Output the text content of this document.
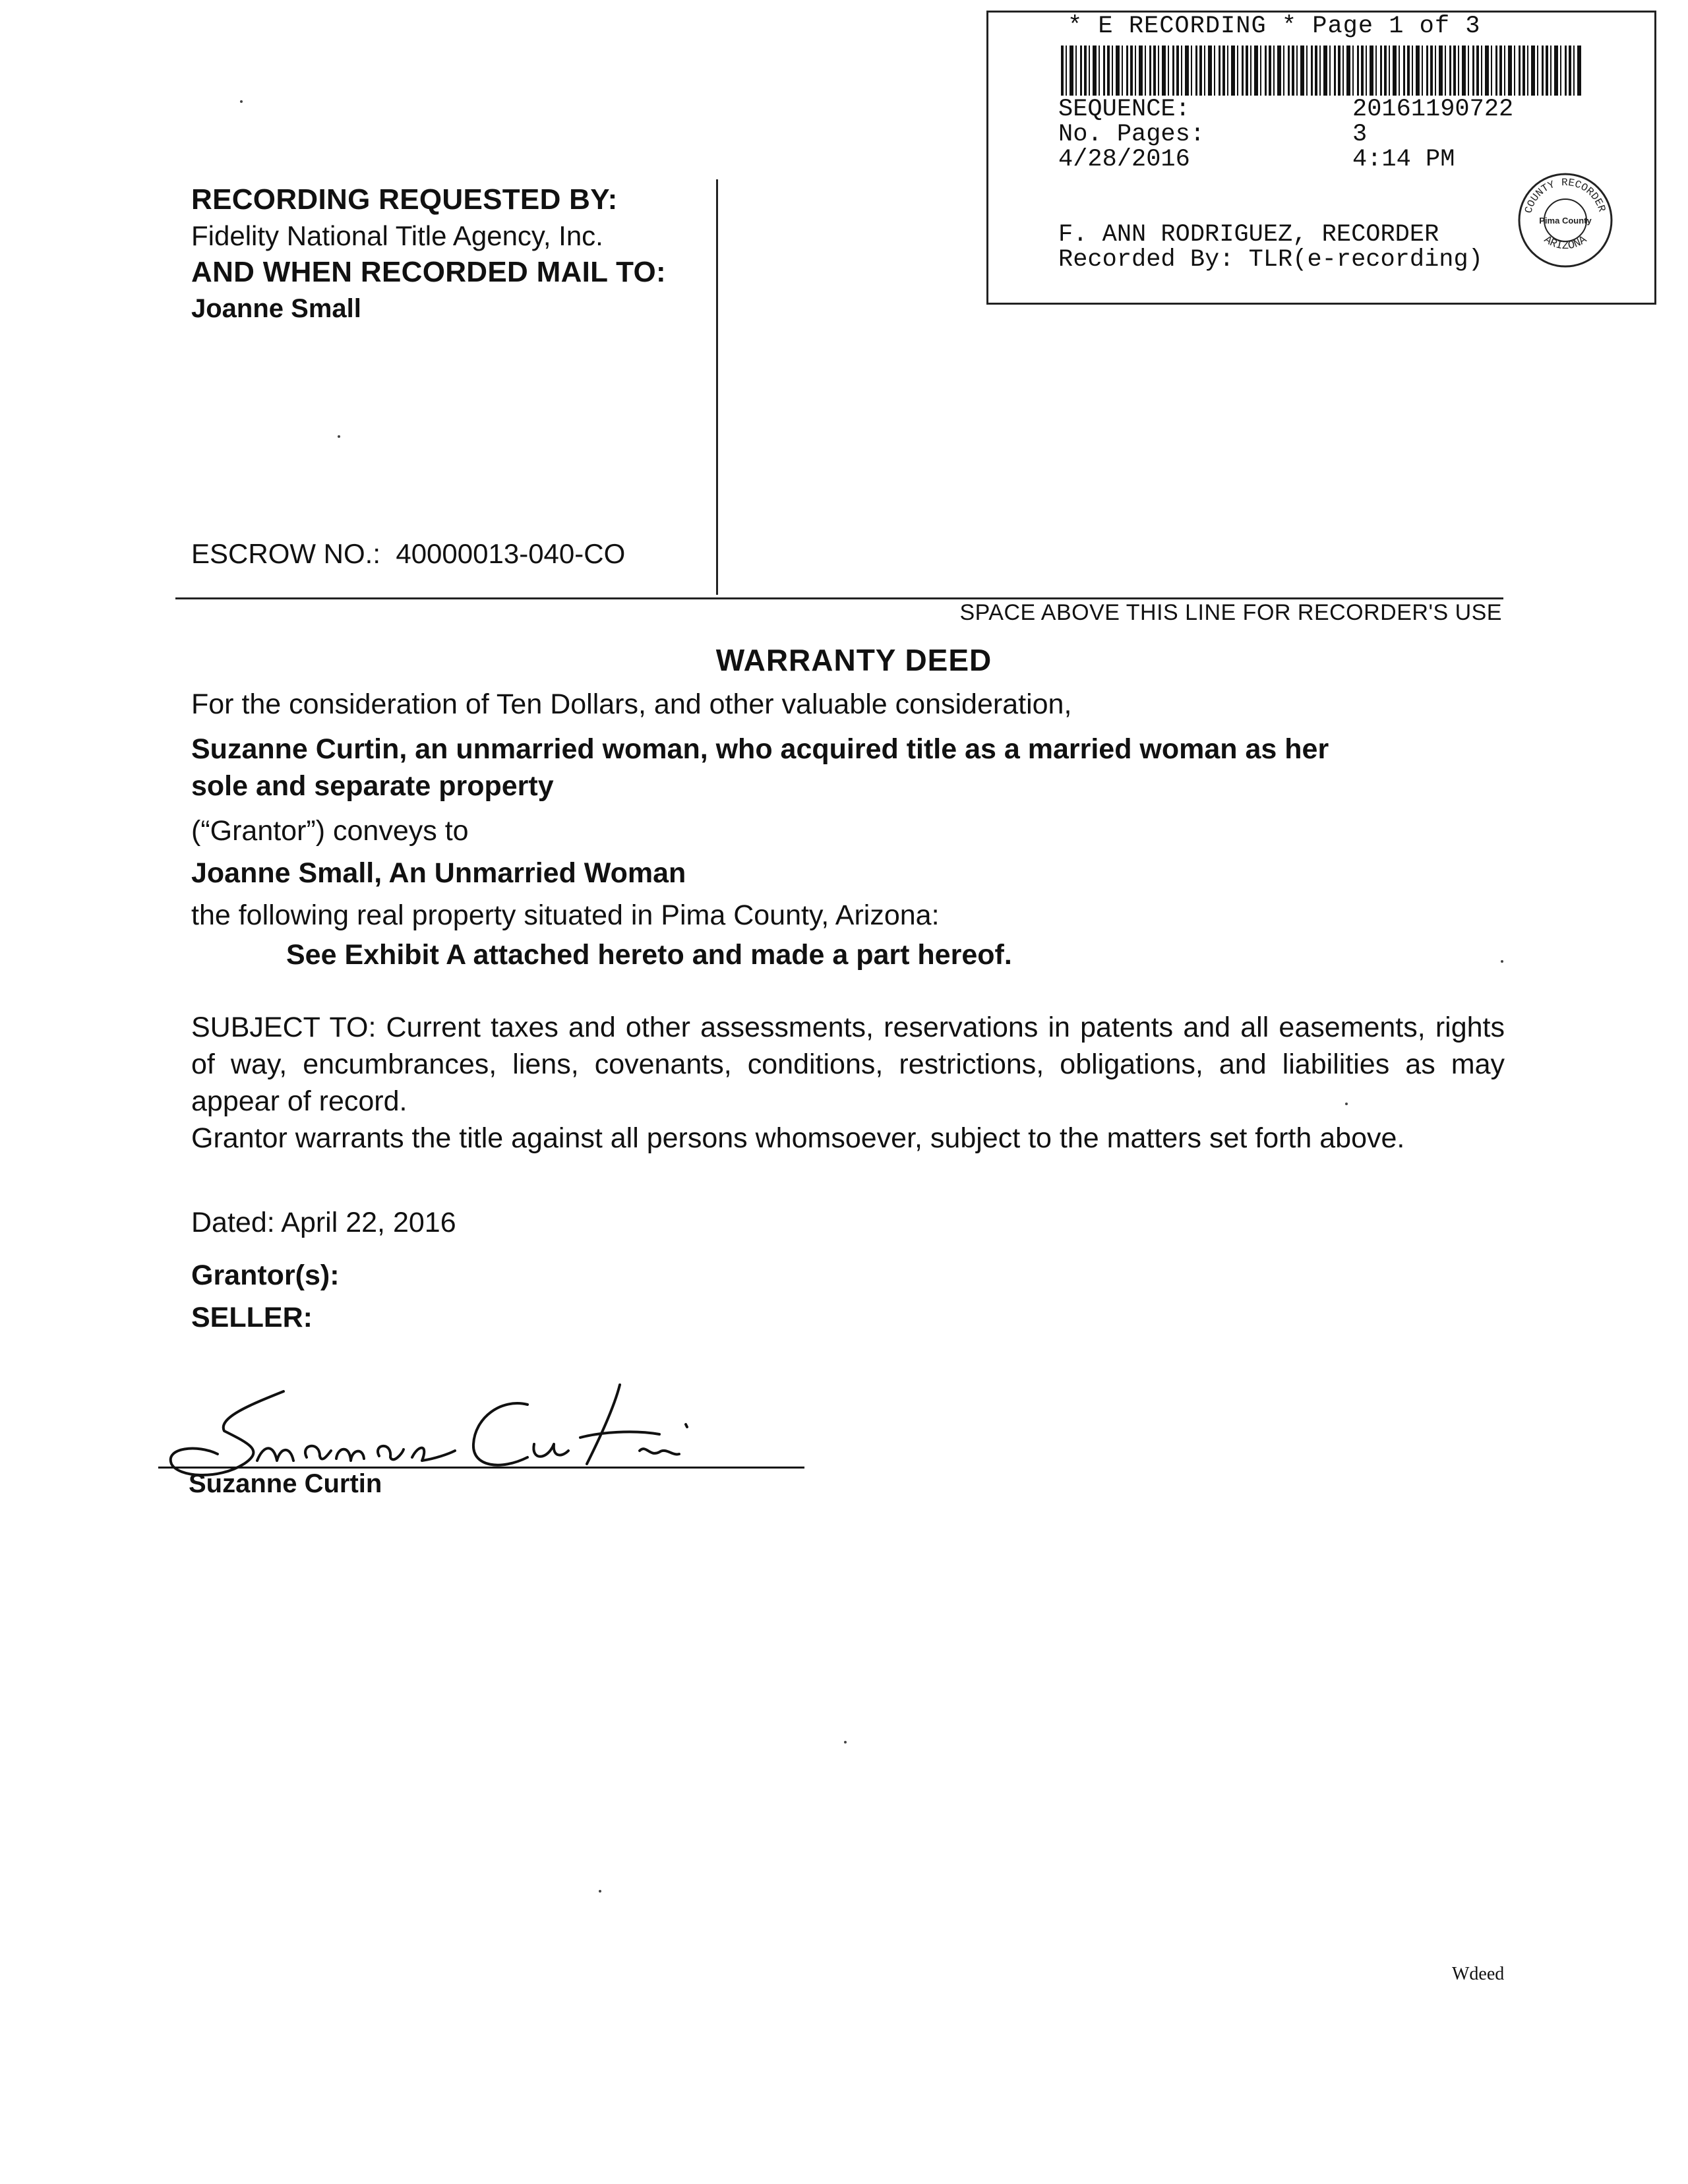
* E RECORDING * Page 1 of 3
SEQUENCE:	20161190722
No. Pages:	3
4/28/2016	4:14 PM
F. ANN RODRIGUEZ, RECORDER
Recorded By: TLR(e-recording)
COUNTY RECORDER
ARIZONA
Pima County
RECORDING REQUESTED BY:
Fidelity National Title Agency, Inc.
AND WHEN RECORDED MAIL TO:
Joanne Small
ESCROW NO.:  40000013-040-CO
SPACE ABOVE THIS LINE FOR RECORDER'S USE
WARRANTY DEED
For the consideration of Ten Dollars, and other valuable consideration,
Suzanne Curtin, an unmarried woman, who acquired title as a married woman as her
sole and separate property
(“Grantor”) conveys to
Joanne Small, An Unmarried Woman
the following real property situated in Pima County, Arizona:
See Exhibit A attached hereto and made a part hereof.
SUBJECT TO: Current taxes and other assessments, reservations in patents and all easements, rights of way, encumbrances, liens, covenants, conditions, restrictions, obligations, and liabilities as may appear of record.
Grantor warrants the title against all persons whomsoever, subject to the matters set forth above.
Dated: April 22, 2016
Grantor(s):
SELLER:
Suzanne Curtin
Wdeed
